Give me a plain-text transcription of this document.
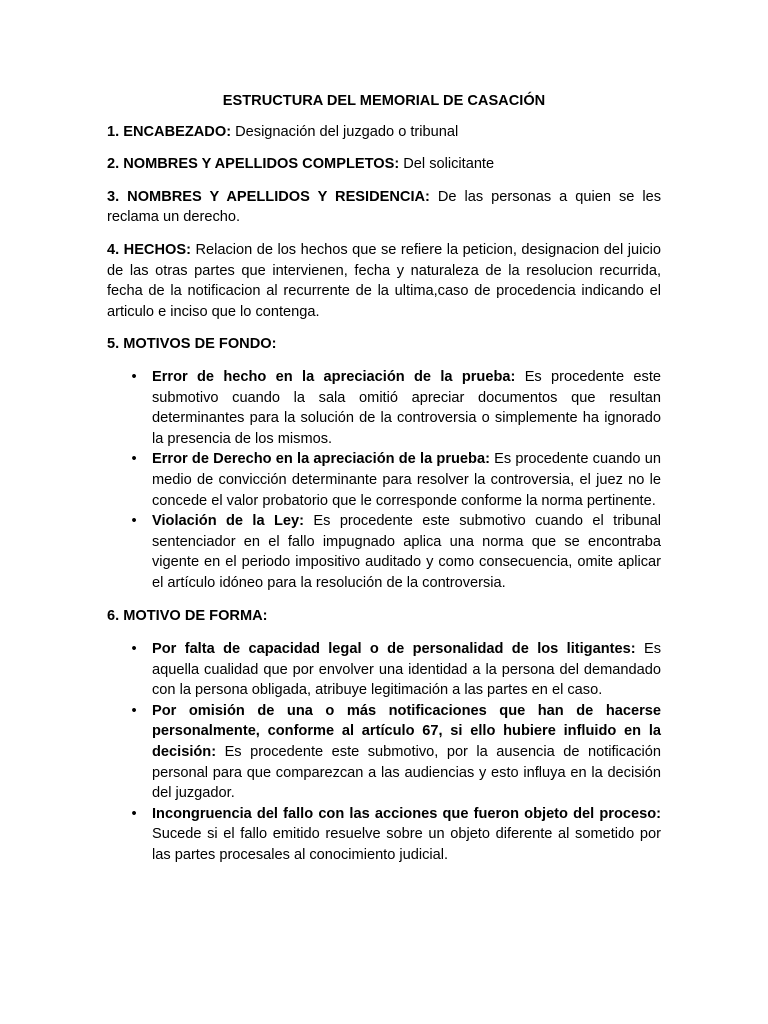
ESTRUCTURA DEL MEMORIAL DE CASACIÓN

1. ENCABEZADO: Designación del juzgado o tribunal

2. NOMBRES Y APELLIDOS COMPLETOS: Del solicitante

3. NOMBRES Y APELLIDOS Y RESIDENCIA: De las personas a quien se les reclama un derecho.

4. HECHOS: Relacion de los hechos que se refiere la peticion, designacion del juicio de las otras partes que intervienen, fecha y naturaleza de la resolucion recurrida, fecha de la notificacion al recurrente de la ultima,caso de procedencia indicando el articulo e inciso que lo contenga.

5. MOTIVOS DE FONDO:

• Error de hecho en la apreciación de la prueba: Es procedente este submotivo cuando la sala omitió apreciar documentos que resultan determinantes para la solución de la controversia o simplemente ha ignorado la presencia de los mismos.
• Error de Derecho en la apreciación de la prueba: Es procedente cuando un medio de convicción determinante para resolver la controversia, el juez no le concede el valor probatorio que le corresponde conforme la norma pertinente.
• Violación de la Ley: Es procedente este submotivo cuando el tribunal sentenciador en el fallo impugnado aplica una norma que se encontraba vigente en el periodo impositivo auditado y como consecuencia, omite aplicar el artículo idóneo para la resolución de la controversia.

6. MOTIVO DE FORMA:

• Por falta de capacidad legal o de personalidad de los litigantes: Es aquella cualidad que por envolver una identidad a la persona del demandado con la persona obligada, atribuye legitimación a las partes en el caso.
• Por omisión de una o más notificaciones que han de hacerse personalmente, conforme al artículo 67, si ello hubiere influido en la decisión: Es procedente este submotivo, por la ausencia de notificación personal para que comparezcan a las audiencias y esto influya en la decisión del juzgador.
• Incongruencia del fallo con las acciones que fueron objeto del proceso: Sucede si el fallo emitido resuelve sobre un objeto diferente al sometido por las partes procesales al conocimiento judicial.
